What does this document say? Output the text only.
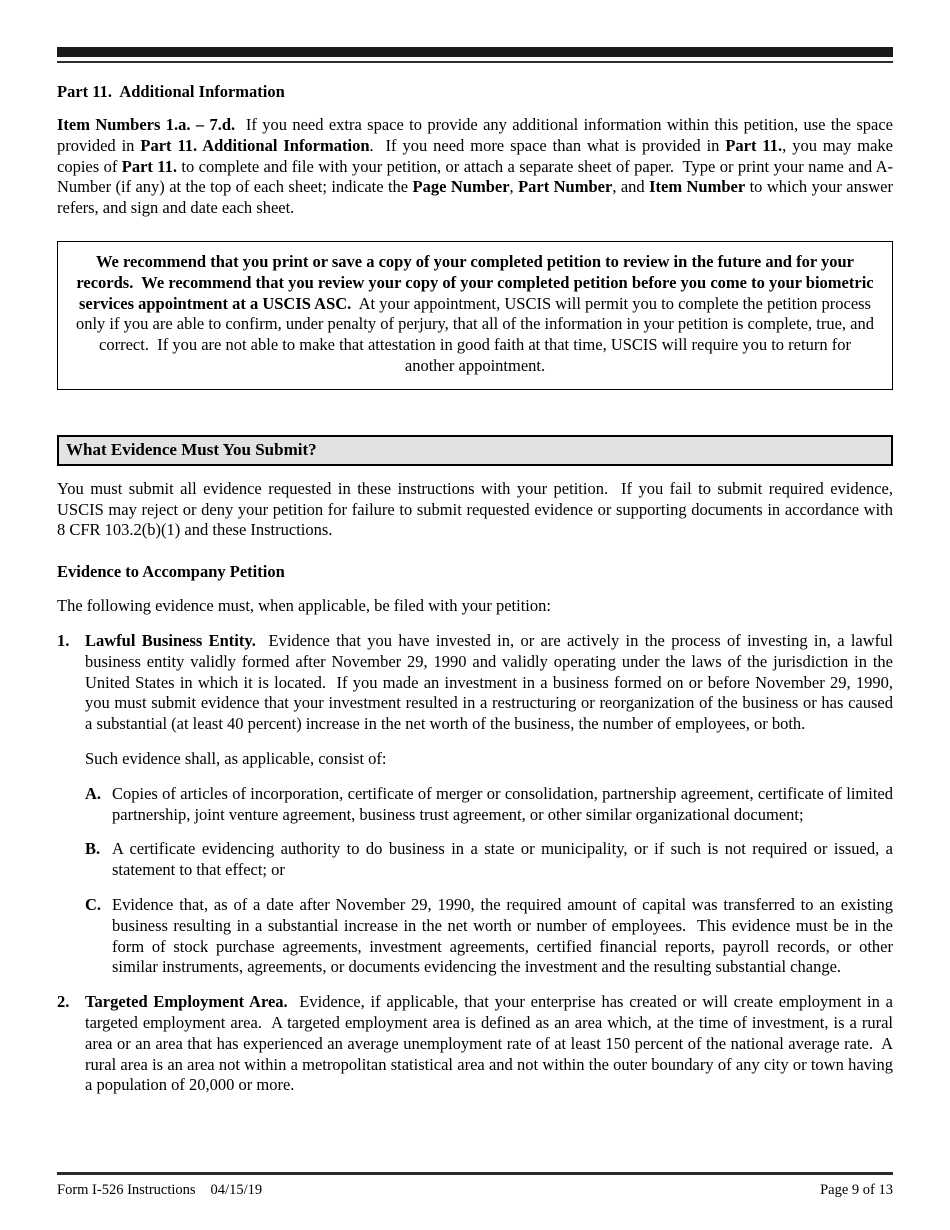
Part 11.  Additional Information

Item Numbers 1.a. – 7.d.  If you need extra space to provide any additional information within this petition, use the space provided in Part 11. Additional Information.  If you need more space than what is provided in Part 11., you may make copies of Part 11. to complete and file with your petition, or attach a separate sheet of paper.  Type or print your name and A-Number (if any) at the top of each sheet; indicate the Page Number, Part Number, and Item Number to which your answer refers, and sign and date each sheet.

We recommend that you print or save a copy of your completed petition to review in the future and for your records.  We recommend that you review your copy of your completed petition before you come to your biometric services appointment at a USCIS ASC.  At your appointment, USCIS will permit you to complete the petition process only if you are able to confirm, under penalty of perjury, that all of the information in your petition is complete, true, and correct.  If you are not able to make that attestation in good faith at that time, USCIS will require you to return for another appointment.
What Evidence Must You Submit?

You must submit all evidence requested in these instructions with your petition.  If you fail to submit required evidence, USCIS may reject or deny your petition for failure to submit requested evidence or supporting documents in accordance with 8 CFR 103.2(b)(1) and these Instructions.

Evidence to Accompany Petition

The following evidence must, when applicable, be filed with your petition:

1. Lawful Business Entity.  Evidence that you have invested in, or are actively in the process of investing in, a lawful business entity validly formed after November 29, 1990 and validly operating under the laws of the jurisdiction in the United States in which it is located.  If you made an investment in a business formed on or before November 29, 1990, you must submit evidence that your investment resulted in a restructuring or reorganization of the business or has caused a substantial (at least 40 percent) increase in the net worth of the business, the number of employees, or both.
Such evidence shall, as applicable, consist of:
A. Copies of articles of incorporation, certificate of merger or consolidation, partnership agreement, certificate of limited partnership, joint venture agreement, business trust agreement, or other similar organizational document;
B. A certificate evidencing authority to do business in a state or municipality, or if such is not required or issued, a statement to that effect; or
C. Evidence that, as of a date after November 29, 1990, the required amount of capital was transferred to an existing business resulting in a substantial increase in the net worth or number of employees.  This evidence must be in the form of stock purchase agreements, investment agreements, certified financial reports, payroll records, or other similar instruments, agreements, or documents evidencing the investment and the resulting substantial change.
2. Targeted Employment Area.  Evidence, if applicable, that your enterprise has created or will create employment in a targeted employment area.  A targeted employment area is defined as an area which, at the time of investment, is a rural area or an area that has experienced an average unemployment rate of at least 150 percent of the national average rate.  A rural area is an area not within a metropolitan statistical area and not within the outer boundary of any city or town having a population of 20,000 or more.
Form I-526 Instructions 04/15/19	Page 9 of 13
